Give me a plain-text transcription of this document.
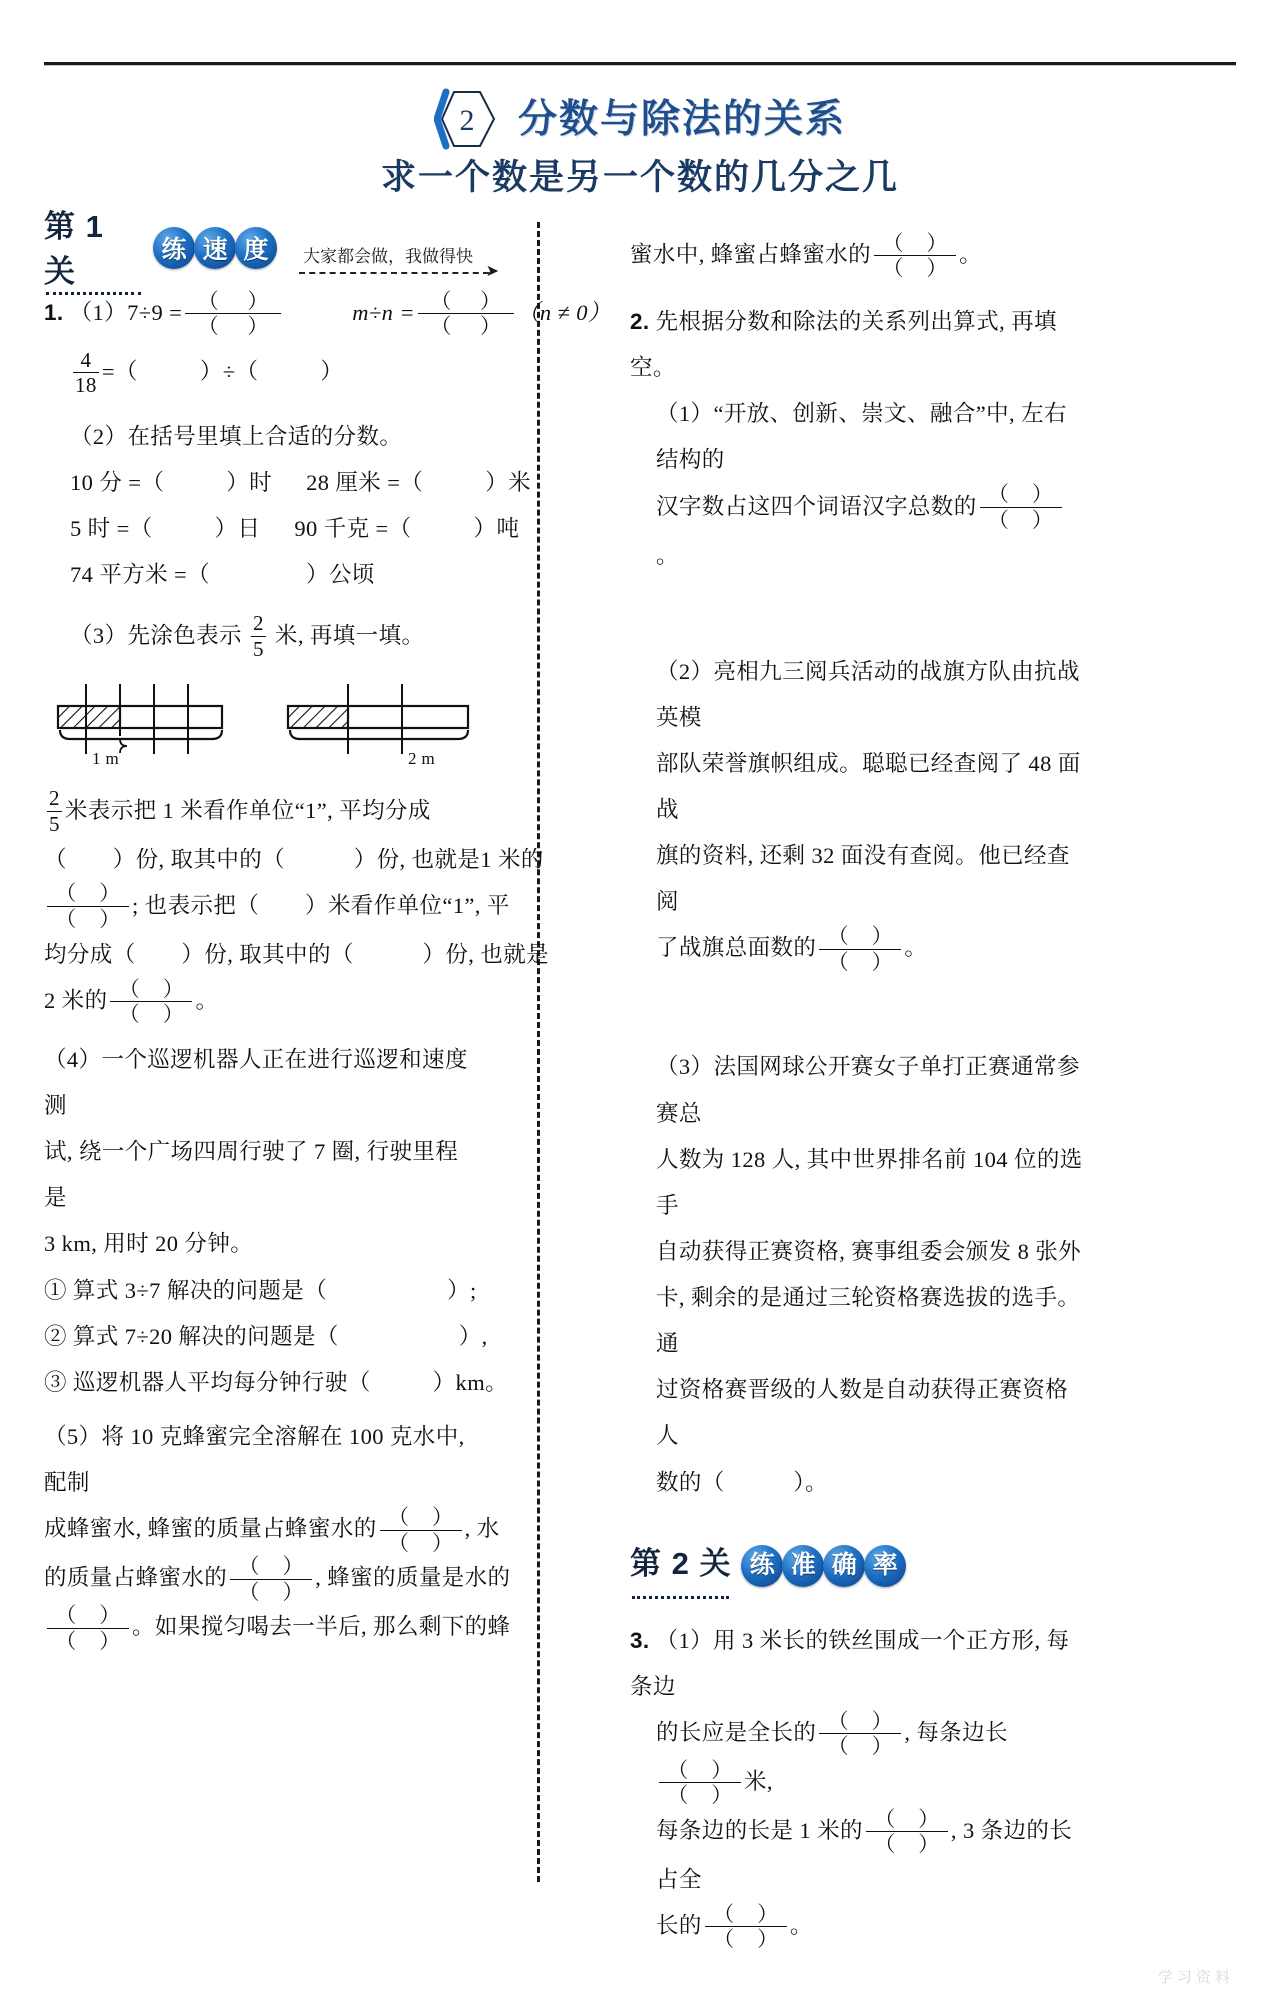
2 分数与除法的关系
求一个数是另一个数的几分之几
第 1 关
练 速 度	大家都会做，我做得快
➤
1. $(1)7\div 9 = \frac{( )}{( )}$	$m\div n = \frac{( )}{( )} (n \ne 0)$
$\frac{4}{18}$ =（	）÷（	）
（2）在括号里填上合适的分数。
10 分 =（	）时 28 厘米 =（	）米
5 时 =（	）日 90 千克 =（	）吨
74 平方米 =（	）公顷
（3）先涂色表示 $\frac{2}{5}$ 米, 再填一填。
1 m	2 m
$\frac{2}{5}$ 米表示把 1 米看作单位“1”, 平均分成
（　　）份, 取其中的（　　　）份, 也就是1 米的
$\frac{( )}{( )}$ ; 也表示把（　　）米看作单位“1”, 平
均分成（　　）份, 取其中的（　　　）份, 也就是
2 米的 $\frac{( )}{( )}$ 。
（4）一个巡逻机器人正在进行巡逻和速度测
试, 绕一个广场四周行驶了 7 圈, 行驶里程是
3 km, 用时 20 分钟。
① 算式 3÷7 解决的问题是（	）;
② 算式 7÷20 解决的问题是（	）,
③ 巡逻机器人平均每分钟行驶（	）km。
（5）将 10 克蜂蜜完全溶解在 100 克水中, 配制
成蜂蜜水, 蜂蜜的质量占蜂蜜水的 $\frac{( )}{( )}$ , 水
的质量占蜂蜜水的 $\frac{( )}{( )}$ , 蜂蜜的质量是水的
$\frac{( )}{( )}$ 。如果搅匀喝去一半后, 那么剩下的蜂
蜜水中, 蜂蜜占蜂蜜水的 $\frac{( )}{( )}$ 。
2. 先根据分数和除法的关系列出算式, 再填空。
（1）“开放、创新、崇文、融合”中, 左右结构的
汉字数占这四个词语汉字总数的 $\frac{( )}{( )}$
。
（2）亮相九三阅兵活动的战旗方队由抗战英模
部队荣誉旗帜组成。聪聪已经查阅了 48 面战
旗的资料, 还剩 32 面没有查阅。他已经查阅
了战旗总面数的 $\frac{( )}{( )}$ 。
（3）法国网球公开赛女子单打正赛通常参赛总
人数为 128 人, 其中世界排名前 104 位的选手
自动获得正赛资格, 赛事组委会颁发 8 张外
卡, 剩余的是通过三轮资格赛选拔的选手。通
过资格赛晋级的人数是自动获得正赛资格人
数的（　　　）。
第 2 关 练 准 确 率
3. （1）用 3 米长的铁丝围成一个正方形, 每条边
的长应是全长的 $\frac{( )}{( )}$ , 每条边长
$\frac{( )}{( )}$ 米,
每条边的长是 1 米的 $\frac{( )}{( )}$ , 3 条边的长占全
长的 $\frac{( )}{( )}$ 。
学习资料
